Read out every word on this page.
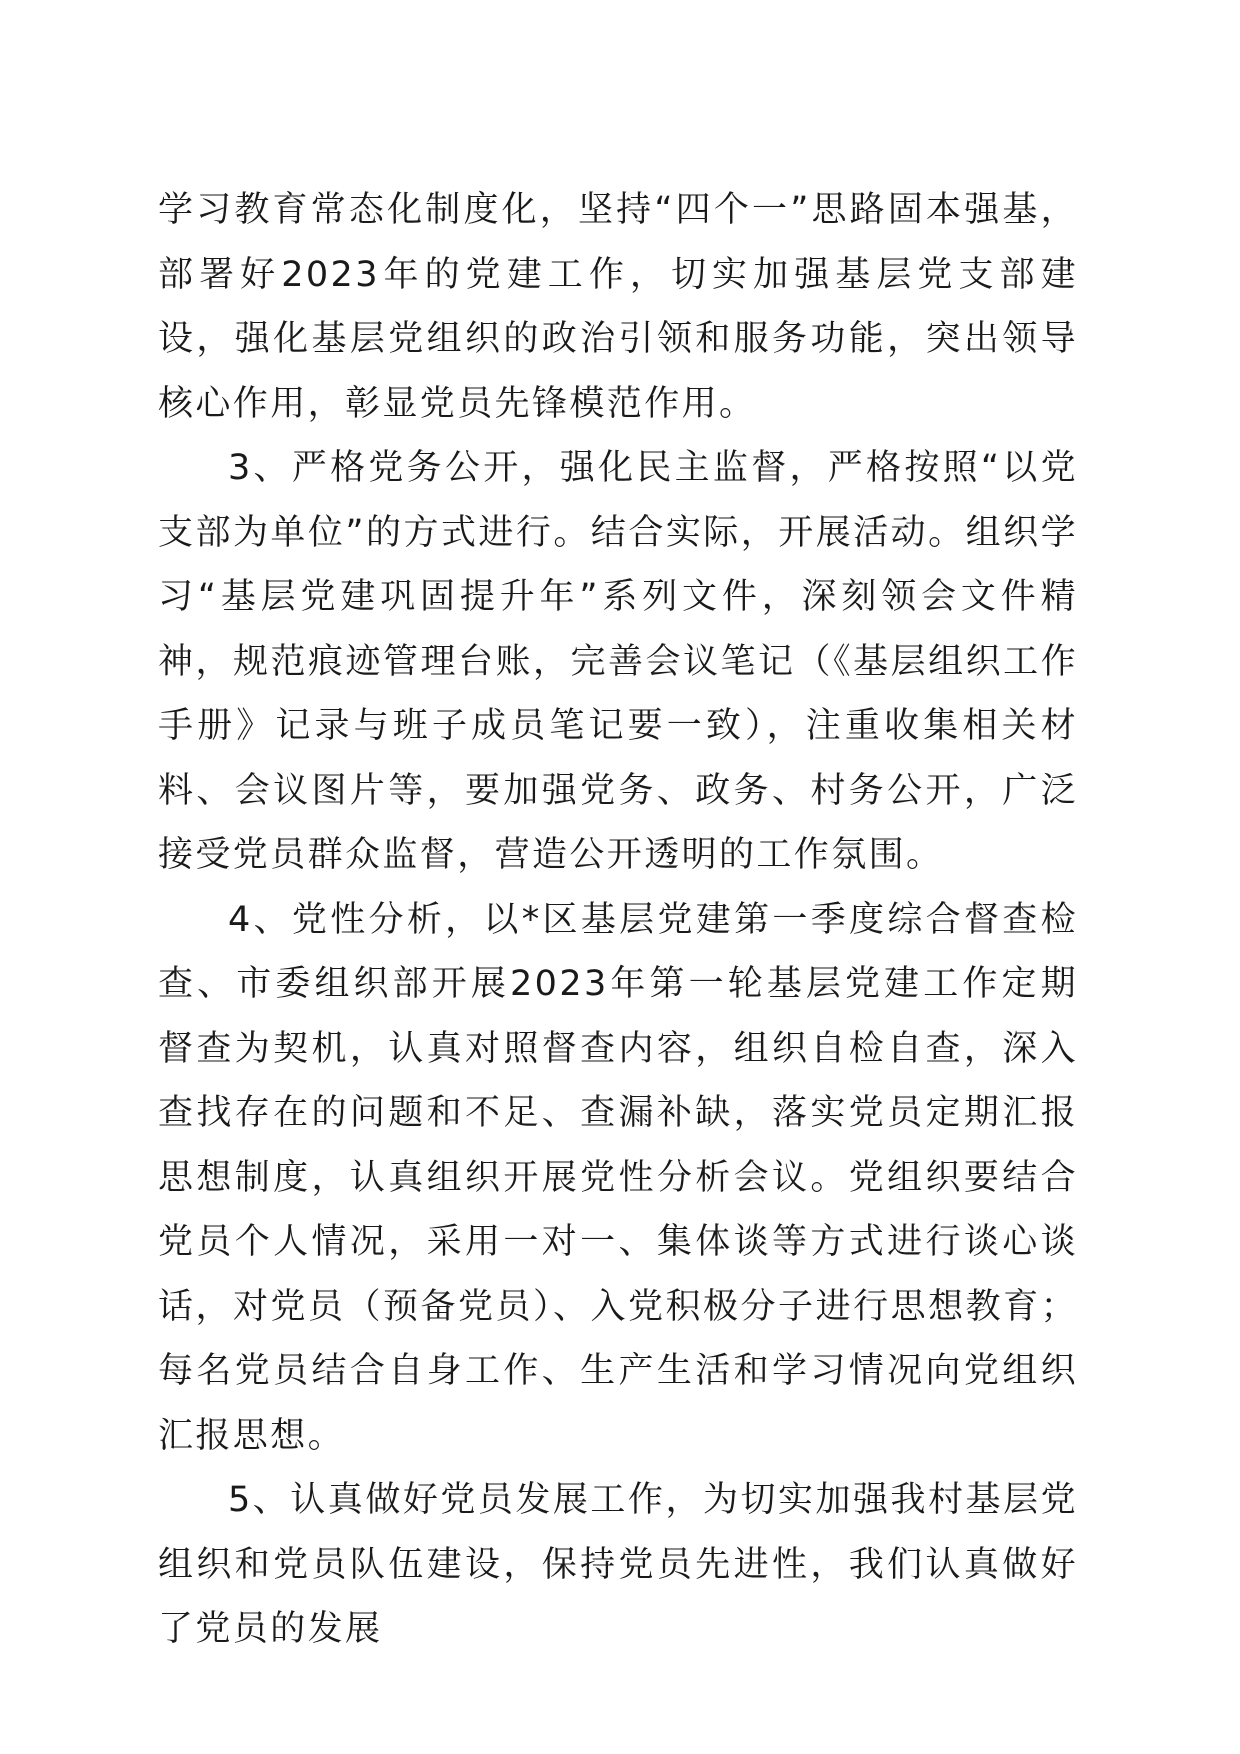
学习教育常态化制度化，坚持“四个一”思路固本强基，部署好2023年的党建工作，切实加强基层党支部建设，强化基层党组织的政治引领和服务功能，突出领导核心作用，彰显党员先锋模范作用。

3、严格党务公开，强化民主监督，严格按照“以党支部为单位”的方式进行。结合实际，开展活动。组织学习“基层党建巩固提升年”系列文件，深刻领会文件精神，规范痕迹管理台账，完善会议笔记（《基层组织工作手册》记录与班子成员笔记要一致），注重收集相关材料、会议图片等，要加强党务、政务、村务公开，广泛接受党员群众监督，营造公开透明的工作氛围。

4、党性分析，以*区基层党建第一季度综合督查检查、市委组织部开展2023年第一轮基层党建工作定期督查为契机，认真对照督查内容，组织自检自查，深入查找存在的问题和不足、查漏补缺，落实党员定期汇报思想制度，认真组织开展党性分析会议。党组织要结合党员个人情况，采用一对一、集体谈等方式进行谈心谈话，对党员（预备党员）、入党积极分子进行思想教育；每名党员结合自身工作、生产生活和学习情况向党组织汇报思想。

5、认真做好党员发展工作，为切实加强我村基层党组织和党员队伍建设，保持党员先进性，我们认真做好了党员的发展
